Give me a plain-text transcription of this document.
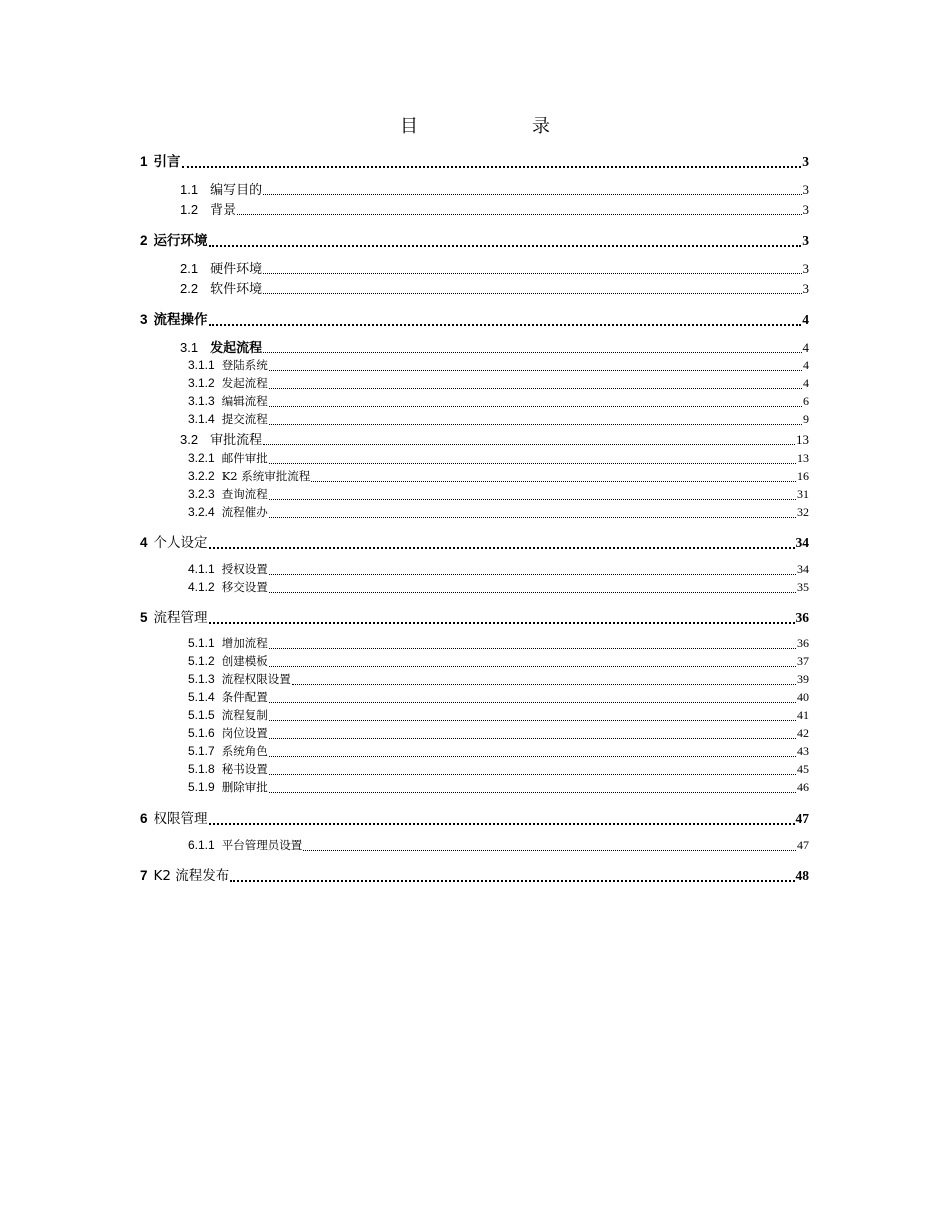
目　　录
1 引言	3
1.1 编写目的	3
1.2 背景	3
2 运行环境	3
2.1 硬件环境	3
2.2 软件环境	3
3 流程操作	4
3.1 发起流程	4
3.1.1 登陆系统	4
3.1.2 发起流程	4
3.1.3 编辑流程	6
3.1.4 提交流程	9
3.2 审批流程	13
3.2.1 邮件审批	13
3.2.2 K2 系统审批流程	16
3.2.3 查询流程	31
3.2.4 流程催办	32
4 个人设定	34
4.1.1 授权设置	34
4.1.2 移交设置	35
5 流程管理	36
5.1.1 增加流程	36
5.1.2 创建模板	37
5.1.3 流程权限设置	39
5.1.4 条件配置	40
5.1.5 流程复制	41
5.1.6 岗位设置	42
5.1.7 系统角色	43
5.1.8 秘书设置	45
5.1.9 删除审批	46
6 权限管理	47
6.1.1 平台管理员设置	47
7 K2 流程发布	48
